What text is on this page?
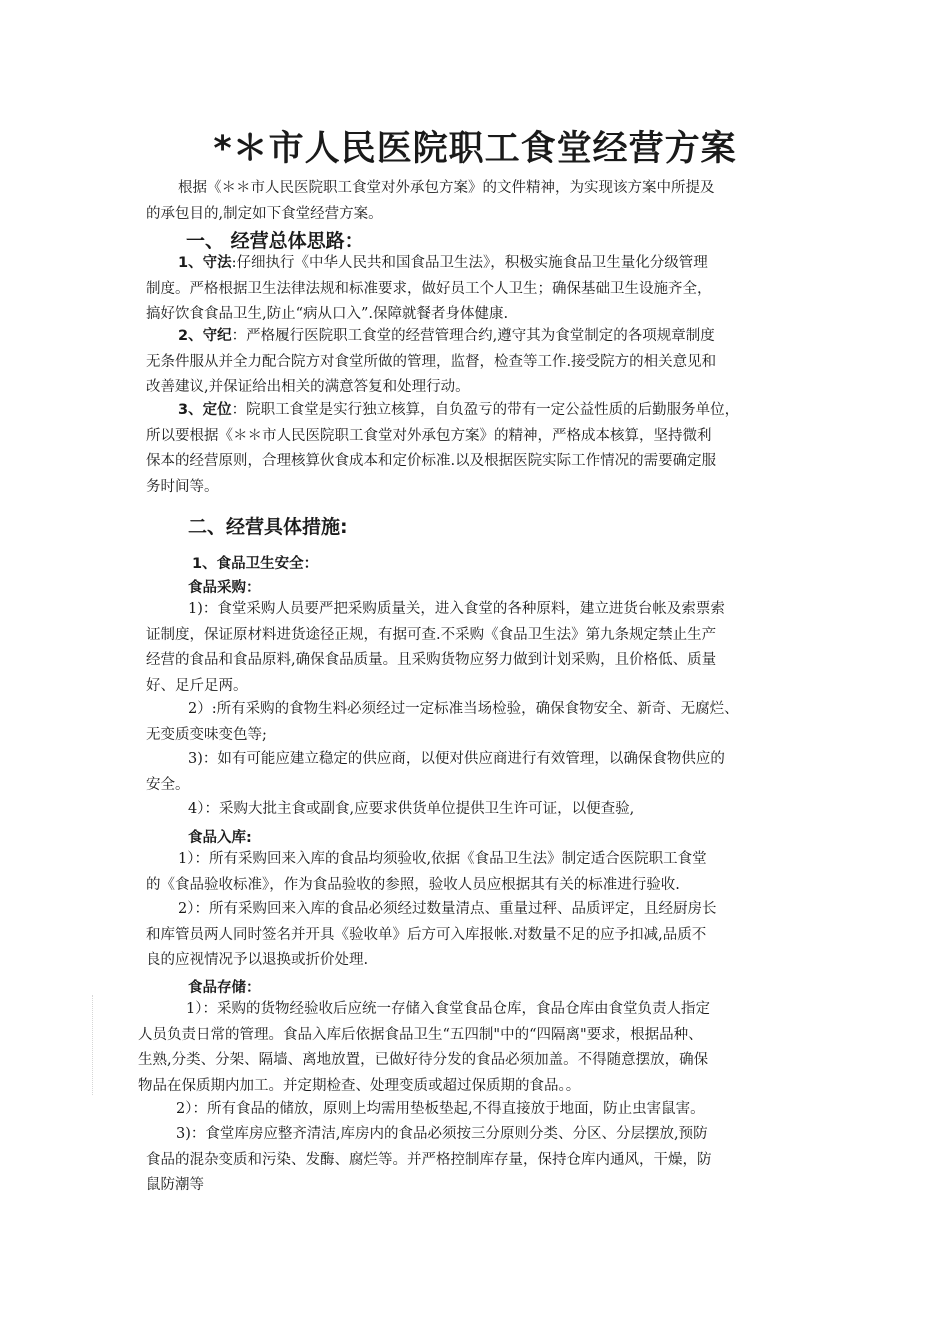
*＊市人民医院职工食堂经营方案
根据《＊＊市人民医院职工食堂对外承包方案》的文件精神，为实现该方案中所提及
的承包目的,制定如下食堂经营方案。
一、 经营总体思路：
1、守法:仔细执行《中华人民共和国食品卫生法》，积极实施食品卫生量化分级管理
制度。严格根据卫生法律法规和标准要求，做好员工个人卫生；确保基础卫生设施齐全，
搞好饮食食品卫生,防止“病从口入”.保障就餐者身体健康.
2、守纪：严格履行医院职工食堂的经营管理合约,遵守其为食堂制定的各项规章制度
无条件服从并全力配合院方对食堂所做的管理，监督，检查等工作.接受院方的相关意见和
改善建议,并保证给出相关的满意答复和处理行动。
3、定位：院职工食堂是实行独立核算，自负盈亏的带有一定公益性质的后勤服务单位，
所以要根据《＊＊市人民医院职工食堂对外承包方案》的精神，严格成本核算，坚持微利
保本的经营原则，合理核算伙食成本和定价标准.以及根据医院实际工作情况的需要确定服
务时间等。
二、经营具体措施:
1、食品卫生安全：
食品采购：
1)：食堂采购人员要严把采购质量关，进入食堂的各种原料，建立进货台帐及索票索
证制度，保证原材料进货途径正规，有据可查.不采购《食品卫生法》第九条规定禁止生产
经营的食品和食品原料,确保食品质量。且采购货物应努力做到计划采购，且价格低、质量
好、足斤足两。
2）:所有采购的食物生料必须经过一定标准当场检验，确保食物安全、新奇、无腐烂、
无变质变味变色等;
3)：如有可能应建立稳定的供应商，以便对供应商进行有效管理，以确保食物供应的
安全。
4）：采购大批主食或副食,应要求供货单位提供卫生许可证，以便查验,
食品入库:
1）：所有采购回来入库的食品均须验收,依据《食品卫生法》制定适合医院职工食堂
的《食品验收标准》，作为食品验收的参照，验收人员应根据其有关的标准进行验收.
2）：所有采购回来入库的食品必须经过数量清点、重量过秤、品质评定，且经厨房长
和库管员两人同时签名并开具《验收单》后方可入库报帐.对数量不足的应予扣减,品质不
良的应视情况予以退换或折价处理.
食品存储：
1）：采购的货物经验收后应统一存储入食堂食品仓库，食品仓库由食堂负责人指定
人员负责日常的管理。食品入库后依据食品卫生“五四制"中的“四隔离"要求，根据品种、
生熟,分类、分架、隔墙、离地放置，已做好待分发的食品必须加盖。不得随意摆放，确保
物品在保质期内加工。并定期检查、处理变质或超过保质期的食品。。
2）：所有食品的储放，原则上均需用垫板垫起,不得直接放于地面，防止虫害鼠害。
3)：食堂库房应整齐清洁,库房内的食品必须按三分原则分类、分区、分层摆放,预防
食品的混杂变质和污染、发酶、腐烂等。并严格控制库存量，保持仓库内通风，干燥，防
鼠防潮等
